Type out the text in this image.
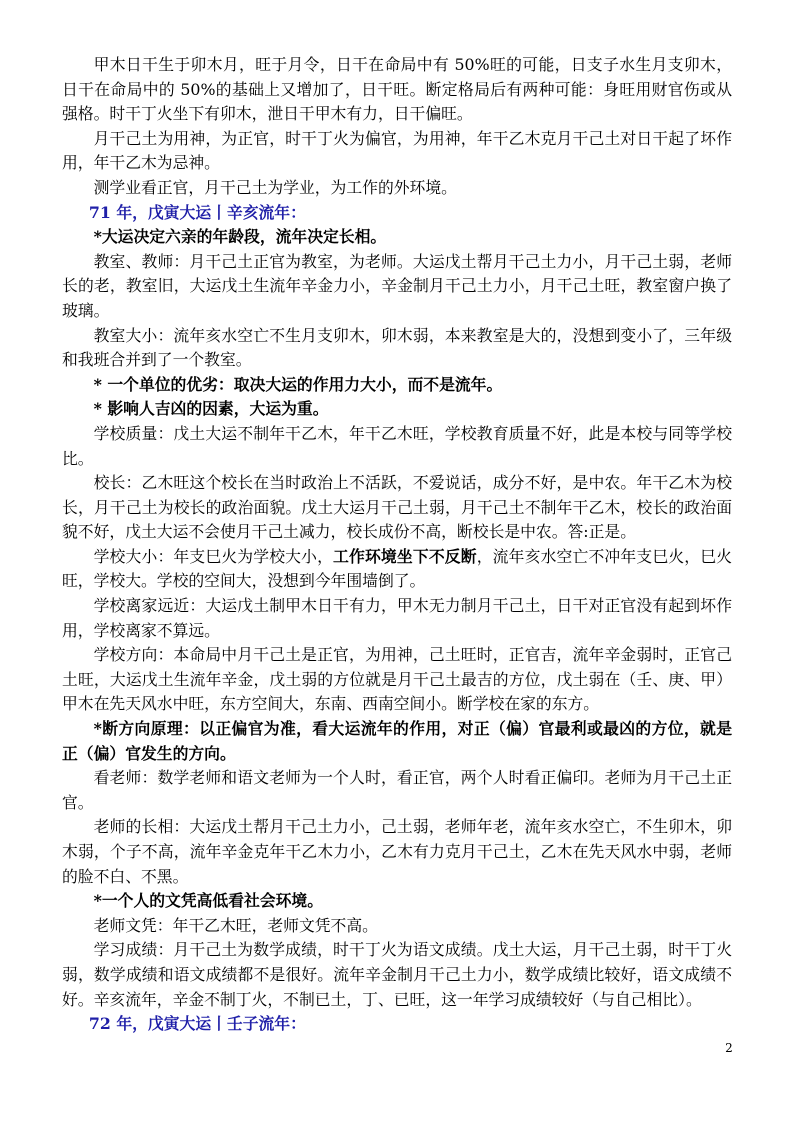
甲木日干生于卯木月，旺于月令，日干在命局中有 50%旺的可能，日支子水生月支卯木，日干在命局中的 50%的基础上又增加了，日干旺。断定格局后有两种可能：身旺用财官伤或从强格。时干丁火坐下有卯木，泄日干甲木有力，日干偏旺。

月干己土为用神，为正官，时干丁火为偏官，为用神，年干乙木克月干己土对日干起了坏作用，年干乙木为忌神。

测学业看正官，月干己土为学业，为工作的外环境。

71 年，戊寅大运丨辛亥流年：

*大运决定六亲的年龄段，流年决定长相。

教室、教师：月干己土正官为教室，为老师。大运戊土帮月干己土力小，月干己土弱，老师长的老，教室旧，大运戊土生流年辛金力小，辛金制月干己土力小，月干己土旺，教室窗户换了玻璃。

教室大小：流年亥水空亡不生月支卯木，卯木弱，本来教室是大的，没想到变小了，三年级和我班合并到了一个教室。

* 一个单位的优劣：取决大运的作用力大小，而不是流年。

* 影响人吉凶的因素，大运为重。

学校质量：戊土大运不制年干乙木，年干乙木旺，学校教育质量不好，此是本校与同等学校比。

校长：乙木旺这个校长在当时政治上不活跃，不爱说话，成分不好，是中农。年干乙木为校长，月干己土为校长的政治面貌。戊土大运月干己土弱，月干己土不制年干乙木，校长的政治面貌不好，戊土大运不会使月干己土减力，校长成份不高，断校长是中农。答:正是。

学校大小：年支巳火为学校大小，工作环境坐下不反断，流年亥水空亡不冲年支巳火，巳火旺，学校大。学校的空间大，没想到今年围墙倒了。

学校离家远近：大运戊土制甲木日干有力，甲木无力制月干己土，日干对正官没有起到坏作用，学校离家不算远。

学校方向：本命局中月干己土是正官，为用神，己土旺时，正官吉，流年辛金弱时，正官己土旺，大运戊土生流年辛金，戊土弱的方位就是月干己土最吉的方位，戊土弱在（壬、庚、甲）甲木在先天风水中旺，东方空间大，东南、西南空间小。断学校在家的东方。

*断方向原理：以正偏官为准，看大运流年的作用，对正（偏）官最利或最凶的方位，就是正（偏）官发生的方向。

看老师：数学老师和语文老师为一个人时，看正官，两个人时看正偏印。老师为月干己土正官。

老师的长相：大运戊土帮月干己土力小，己土弱，老师年老，流年亥水空亡，不生卯木，卯木弱，个子不高，流年辛金克年干乙木力小，乙木有力克月干己土，乙木在先天风水中弱，老师的脸不白、不黑。

*一个人的文凭高低看社会环境。

老师文凭：年干乙木旺，老师文凭不高。

学习成绩：月干己土为数学成绩，时干丁火为语文成绩。戊土大运，月干己土弱，时干丁火弱，数学成绩和语文成绩都不是很好。流年辛金制月干己土力小，数学成绩比较好，语文成绩不好。辛亥流年，辛金不制丁火，不制已土，丁、已旺，这一年学习成绩较好（与自己相比）。

72 年，戊寅大运丨壬子流年：

2
